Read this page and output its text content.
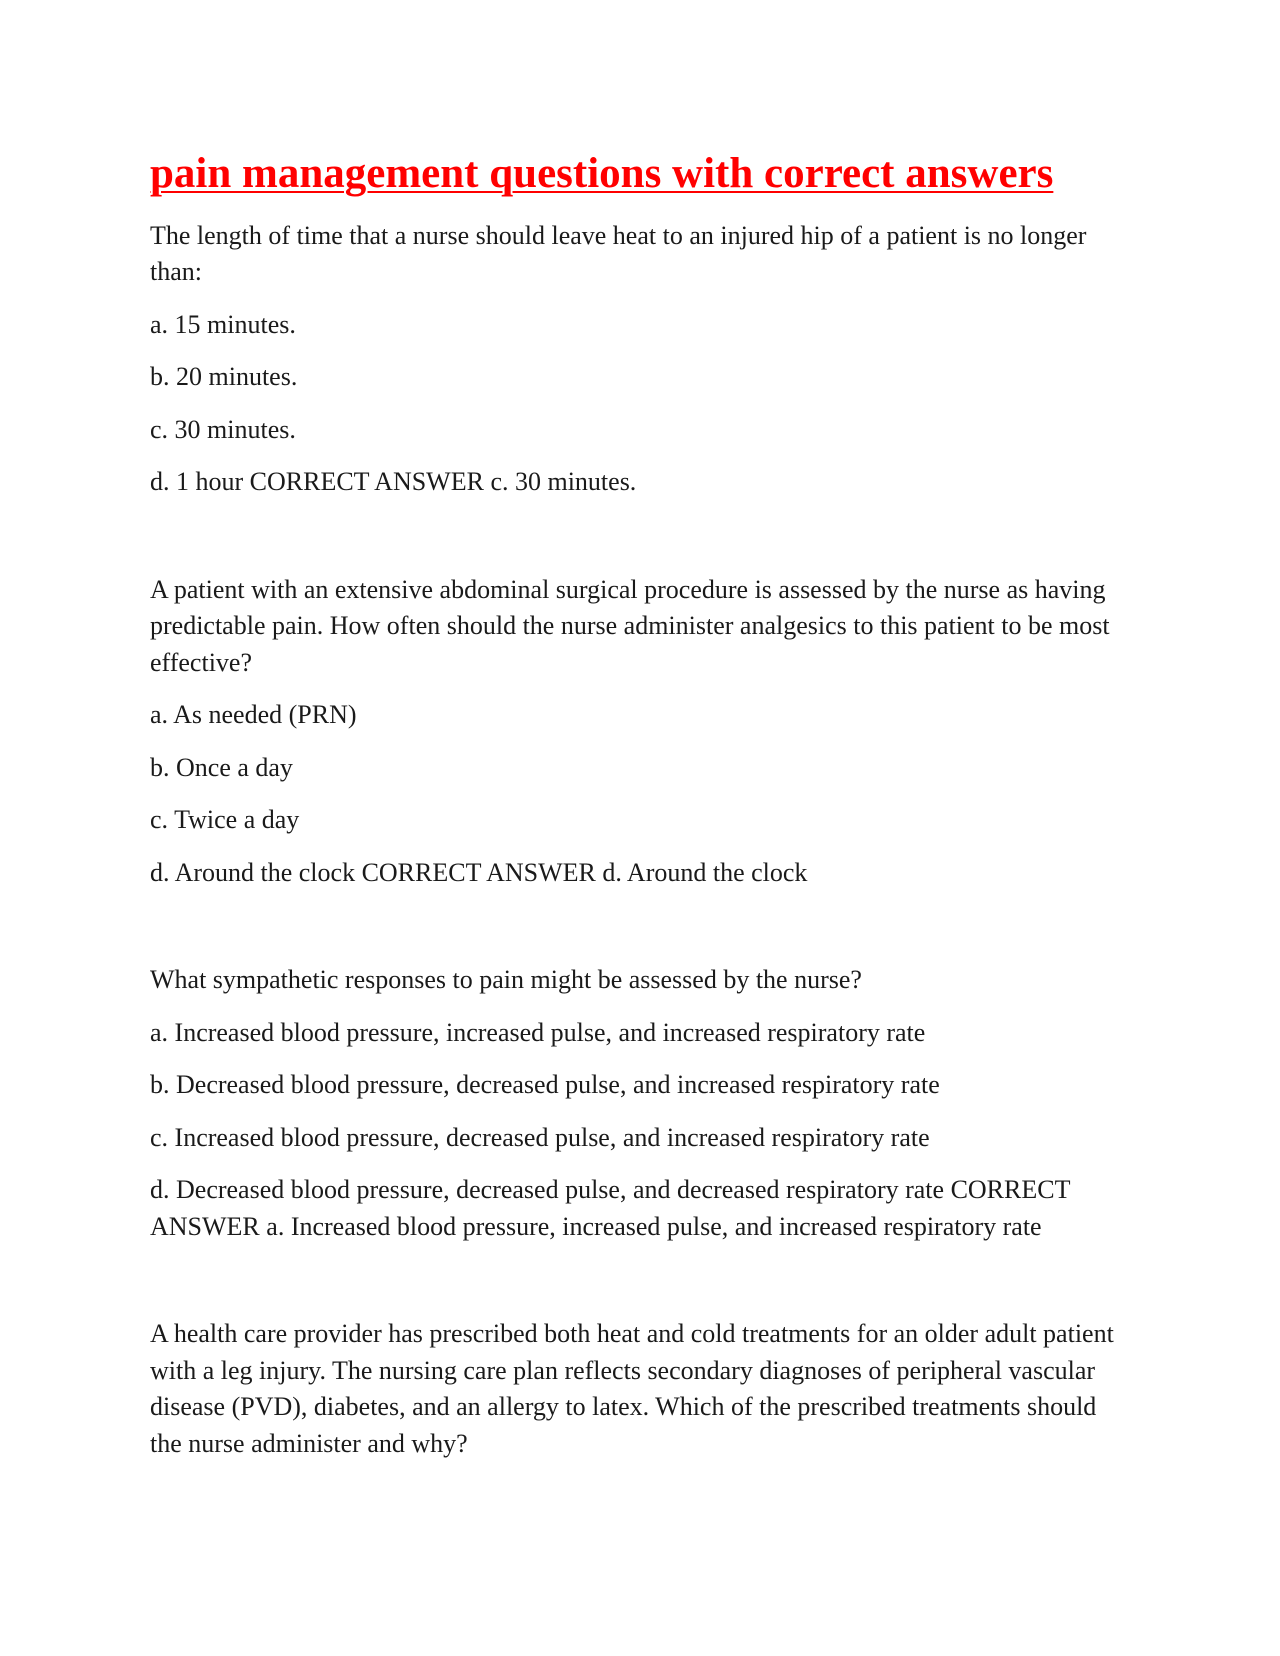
pain management questions with correct answers

The length of time that a nurse should leave heat to an injured hip of a patient is no longer than:

a. 15 minutes.

b. 20 minutes.

c. 30 minutes.

d. 1 hour CORRECT ANSWER c. 30 minutes.

A patient with an extensive abdominal surgical procedure is assessed by the nurse as having predictable pain. How often should the nurse administer analgesics to this patient to be most effective?

a. As needed (PRN)

b. Once a day

c. Twice a day

d. Around the clock CORRECT ANSWER d. Around the clock

What sympathetic responses to pain might be assessed by the nurse?

a. Increased blood pressure, increased pulse, and increased respiratory rate

b. Decreased blood pressure, decreased pulse, and increased respiratory rate

c. Increased blood pressure, decreased pulse, and increased respiratory rate

d. Decreased blood pressure, decreased pulse, and decreased respiratory rate CORRECT ANSWER a. Increased blood pressure, increased pulse, and increased respiratory rate

A health care provider has prescribed both heat and cold treatments for an older adult patient with a leg injury. The nursing care plan reflects secondary diagnoses of peripheral vascular disease (PVD), diabetes, and an allergy to latex. Which of the prescribed treatments should the nurse administer and why?
